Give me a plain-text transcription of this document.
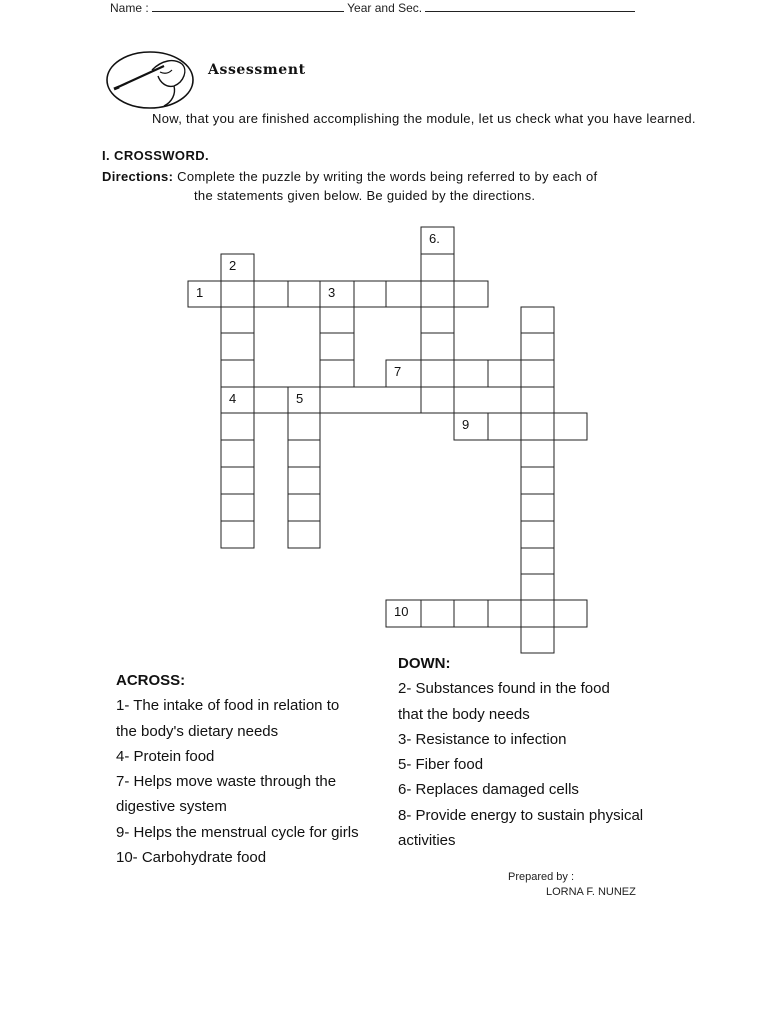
Name :	Year and Sec.
Assessment
Now, that you are finished accomplishing the module, let us check what you have learned.
I. CROSSWORD.
Directions: Complete the puzzle by writing the words being referred to by each of
the statements given below. Be guided by the directions.
1	3
2
4	5
6.
7
9
10
ACROSS:
1- The intake of food in relation to
the body's dietary needs
4- Protein food
7- Helps move waste through the
digestive system
9- Helps the menstrual cycle for girls
10- Carbohydrate food
DOWN:
2- Substances found in the food
that the body needs
3- Resistance to infection
5- Fiber food
6- Replaces damaged cells
8- Provide energy to sustain physical
activities
Prepared by :
LORNA F. NUNEZ
